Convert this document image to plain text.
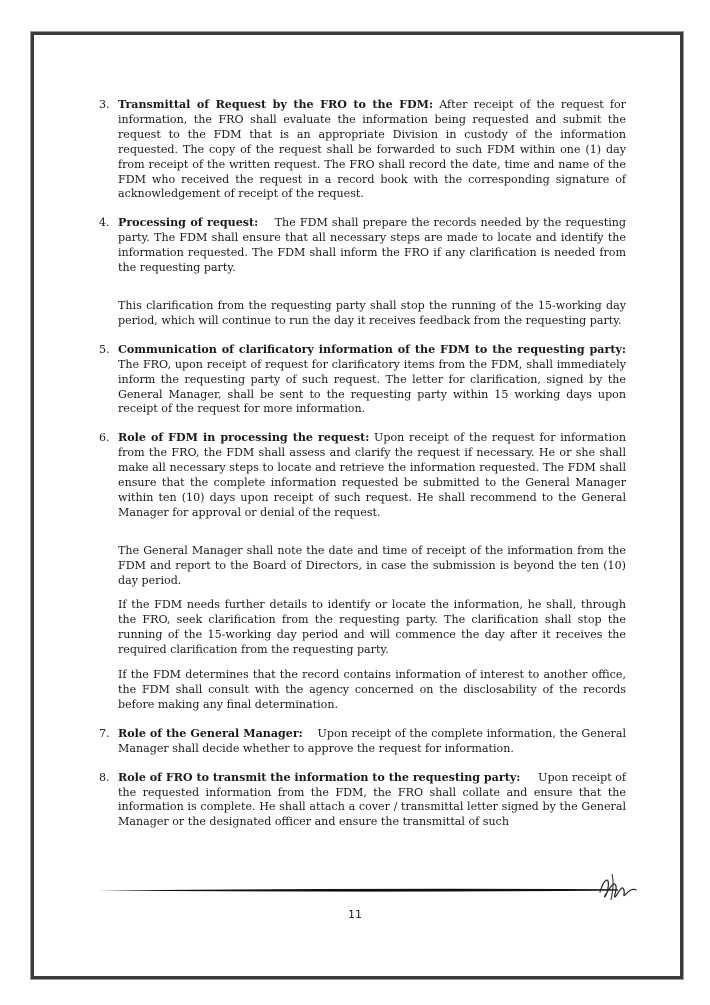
3. Transmittal of Request by the FRO to the FDM: After receipt of the request for information, the FRO shall evaluate the information being requested and submit the request to the FDM that is an appropriate Division in custody of the information requested. The copy of the request shall be forwarded to such FDM within one (1) day from receipt of the written request. The FRO shall record the date, time and name of the FDM who received the request in a record book with the corresponding signature of acknowledgement of receipt of the request.

4. Processing of request: The FDM shall prepare the records needed by the requesting party. The FDM shall ensure that all necessary steps are made to locate and identify the information requested. The FDM shall inform the FRO if any clarification is needed from the requesting party.

This clarification from the requesting party shall stop the running of the 15-working day period, which will continue to run the day it receives feedback from the requesting party.

5. Communication of clarificatory information of the FDM to the requesting party: The FRO, upon receipt of request for clarificatory items from the FDM, shall immediately inform the requesting party of such request. The letter for clarification, signed by the General Manager, shall be sent to the requesting party within 15 working days upon receipt of the request for more information.

6. Role of FDM in processing the request: Upon receipt of the request for information from the FRO, the FDM shall assess and clarify the request if necessary. He or she shall make all necessary steps to locate and retrieve the information requested. The FDM shall ensure that the complete information requested be submitted to the General Manager within ten (10) days upon receipt of such request. He shall recommend to the General Manager for approval or denial of the request.

The General Manager shall note the date and time of receipt of the information from the FDM and report to the Board of Directors, in case the submission is beyond the ten (10) day period.

If the FDM needs further details to identify or locate the information, he shall, through the FRO, seek clarification from the requesting party. The clarification shall stop the running of the 15-working day period and will commence the day after it receives the required clarification from the requesting party.

If the FDM determines that the record contains information of interest to another office, the FDM shall consult with the agency concerned on the disclosability of the records before making any final determination.

7. Role of the General Manager: Upon receipt of the complete information, the General Manager shall decide whether to approve the request for information.

8. Role of FRO to transmit the information to the requesting party: Upon receipt of the requested information from the FDM, the FRO shall collate and ensure that the information is complete. He shall attach a cover / transmittal letter signed by the General Manager or the designated officer and ensure the transmittal of such

11
